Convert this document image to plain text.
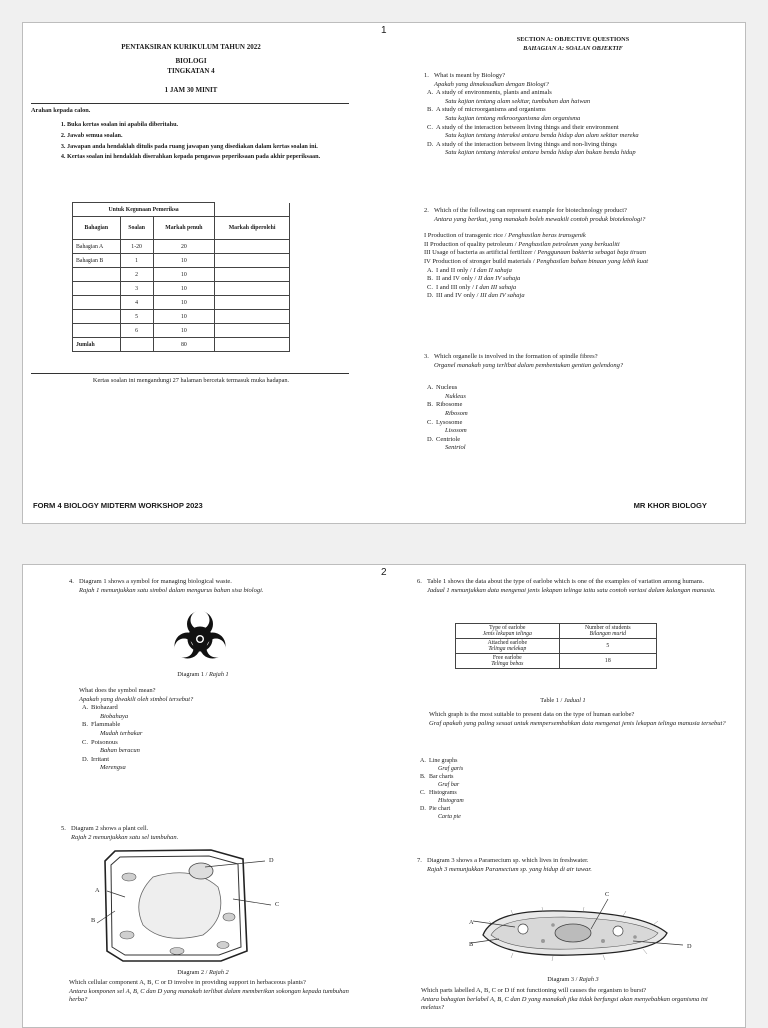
1
PENTAKSIRAN KURIKULUM TAHUN 2022
BIOLOGI
TINGKATAN 4
1 JAM 30 MINIT
Arahan kepada calon.
1. Buka kertas soalan ini apabila diberitahu.
2. Jawab semua soalan.
3. Jawapan anda hendaklah ditulis pada ruang jawapan yang disediakan dalam kertas soalan ini.
4. Kertas soalan ini hendaklah diserahkan kepada pengawas peperiksaan pada akhir peperiksaan.
Untuk Kegunaan Pemeriksa			
Bahagian	Soalan	Markah penuh	Markah diperolehi
Bahagian A	1-20	20	
Bahagian B	1	10	
	2	10	
	3	10	
	4	10	
	5	10	
	6	10	
Jumlah		80	
Kertas soalan ini mengandungi 27 halaman bercetak termasuk muka hadapan.
SECTION A: OBJECTIVE QUESTIONS
BAHAGIAN A: SOALAN OBJEKTIF
1. What is meant by Biology?
Apakah yang dimaksudkan dengan Biologi?
A. A study of environments, plants and animals
Satu kajian tentang alam sekitar, tumbuhan dan haiwan
B. A study of microorganisms and organisms
Satu kajian tentang mikroorganisma dan organisma
C. A study of the interaction between living things and their environment
Satu kajian tentang interaksi antara benda hidup dan alam sekitar mereka
D. A study of the interaction between living things and non-living things
Satu kajian tentang interaksi antara benda hidup dan bukan benda hidup
2. Which of the following can represent example for biotechnology product?
Antara yang berikut, yang manakah boleh mewakili contoh produk bioteknologi?
I Production of transgenic rice / Penghasilan beras transgenik
II Production of quality petroleum / Penghasilan petroleum yang berkualiti
III Usage of bacteria as artificial fertilizer / Penggunaan bakteria sebagai baja tiruan
IV Production of stronger build materials / Penghasilan bahan binaan yang lebih kuat
A. I and II only / I dan II sahaja
B. II and IV only / II dan IV sahaja
C. I and III only / I dan III sahaja
D. III and IV only / III dan IV sahaja
3. Which organelle is involved in the formation of spindle fibres?
Organel manakah yang terlibat dalam pembentukan gentian gelendong?
A. Nucleus
Nukleus
B. Ribosome
Ribosom
C. Lysosome
Lisosom
D. Centriole
Sentriol
FORM 4 BIOLOGY MIDTERM WORKSHOP 2023	MR KHOR BIOLOGY
2
4. Diagram 1 shows a symbol for managing biological waste.
Rajah 1 menunjukkan satu simbol dalam mengurus bahan sisa biologi.
Diagram 1 / Rajah 1
What does the symbol mean?
Apakah yang diwakili oleh simbol tersebut?
A. Biohazard
Biobahaya
B. Flammable
Mudah terbakar
C. Poisonous
Bahan beracun
D. Irritant
Merengsa
5. Diagram 2 shows a plant cell.
Rajah 2 menunjukkan satu sel tumbuhan.
D
C
A
B
Diagram 2 / Rajah 2
Which cellular component A, B, C or D involve in providing support in herbaceous plants?
Antara komponen sel A, B, C dan D yang manakah terlibat dalam memberikan sokongan kepada tumbuhan herba?
6. Table 1 shows the data about the type of earlobe which is one of the examples of variation among humans.
Jadual 1 menunjukkan data mengenai jenis lekapan telinga iaitu satu contoh variasi dalam kalangan manusia.
Type of earlobe
Jenis lekapan telinga	Number of students
Bilangan murid
Attached earlobe
Telinga melekap	5
Free earlobe
Telinga bebas	18
Table 1 / Jadual 1
Which graph is the most suitable to present data on the type of human earlobe?
Graf apakah yang paling sesuai untuk mempersembahkan data mengenai jenis lekapan telinga manusia tersebut?
A. Line graphs
Graf garis
B. Bar charts
Graf bar
C. Histograms
Histogram
D. Pie chart
Carta pie
7. Diagram 3 shows a Paramecium sp. which lives in freshwater.
Rajah 3 menunjukkan Paramecium sp. yang hidup di air tawar.
A
B
C
D
Diagram 3 / Rajah 3
Which parts labelled A, B, C or D if not functioning will causes the organism to burst?
Antara bahagian berlabel A, B, C dan D yang manakah jika tidak berfungsi akan menyebabkan organisma ini meletus?
